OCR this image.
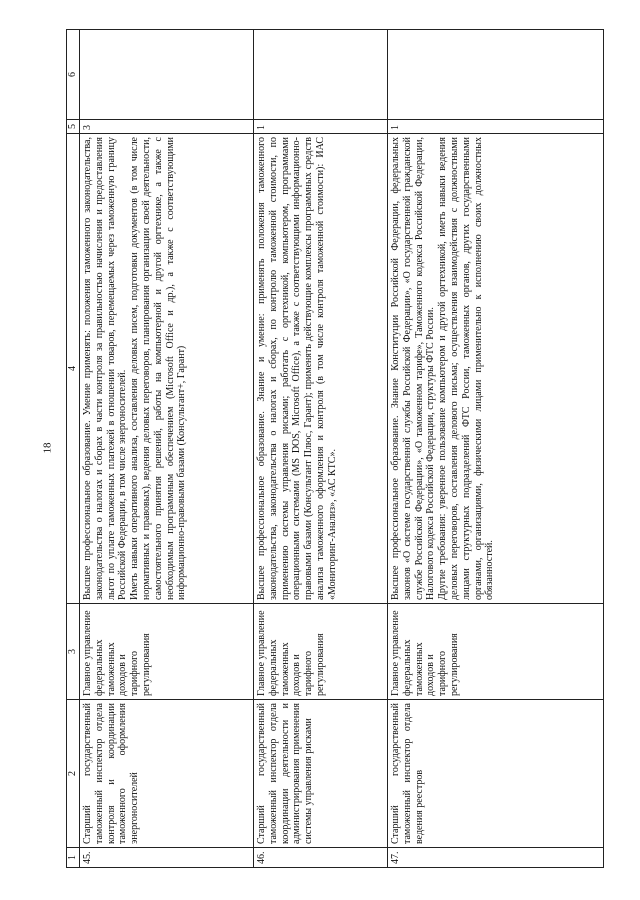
18
1	2	3	4	5	6
45.	Старший государственный таможенный инспектор отдела контроля и координации таможенного оформления энергоносителей	Главное управление федеральных таможенных доходов и тарифного регулирования	Высшее профессиональное образование. Умение применять: положения таможенного законодательства, законодательства о налогах и сборах в части контроля за правильностью начисления и предоставления льгот по уплате таможенных платежей в отношении товаров, перемещаемых через таможенную границу Российской Федерации, в том числе энергоносителей.
Иметь навыки оперативного анализа, составления деловых писем, подготовки документов (в том числе нормативных и правовых), ведения деловых переговоров, планирования организации своей деятельности, самостоятельного принятия решений, работы на компьютерной и другой оргтехнике, а также с необходимым программным обеспечением (Microsoft Office и др.), а также с соответствующими информационно-правовыми базами (Консультант+, Гарант)	3	
46.	Старший государственный таможенный инспектор отдела координации деятельности и администрирования применения системы управления рисками	Главное управление федеральных таможенных доходов и тарифного регулирования	Высшее профессиональное образование. Знание и умение: применять положения таможенного законодательства, законодательства о налогах и сборах, по контролю таможенной стоимости, по применению системы управления рисками; работать с оргтехникой, компьютером, программами операционными системами (MS DOS, Microsoft Office), а также с соответствующими информационно-правовыми базами (Консультант Плюс, Гарант); применять действующие комплексы программных средств анализа таможенного оформления и контроля (в том числе контроля таможенной стоимости): ИАС «Мониторинг-Анализ», «АС КТС».	1	
47.	Старший государственный таможенный инспектор отдела ведения реестров	Главное управление федеральных таможенных доходов и тарифного регулирования	Высшее профессиональное образование. Знание Конституции Российской Федерации, федеральных законов «О системе государственной службы Российской Федерации», «О государственной гражданской службе Российской Федерации», «О таможенном тарифе», Таможенного кодекса Российской Федерации, Налогового кодекса Российской Федерации, структуры ФТС России.
Другие требования: уверенное пользование компьютером и другой оргтехникой, иметь навыки ведения деловых переговоров, составления делового письма; осуществления взаимодействия с должностными лицами структурных подразделений ФТС России, таможенных органов, других государственными органами, организациями, физическими лицами применительно к исполнению своих должностных обязанностей.	1	
